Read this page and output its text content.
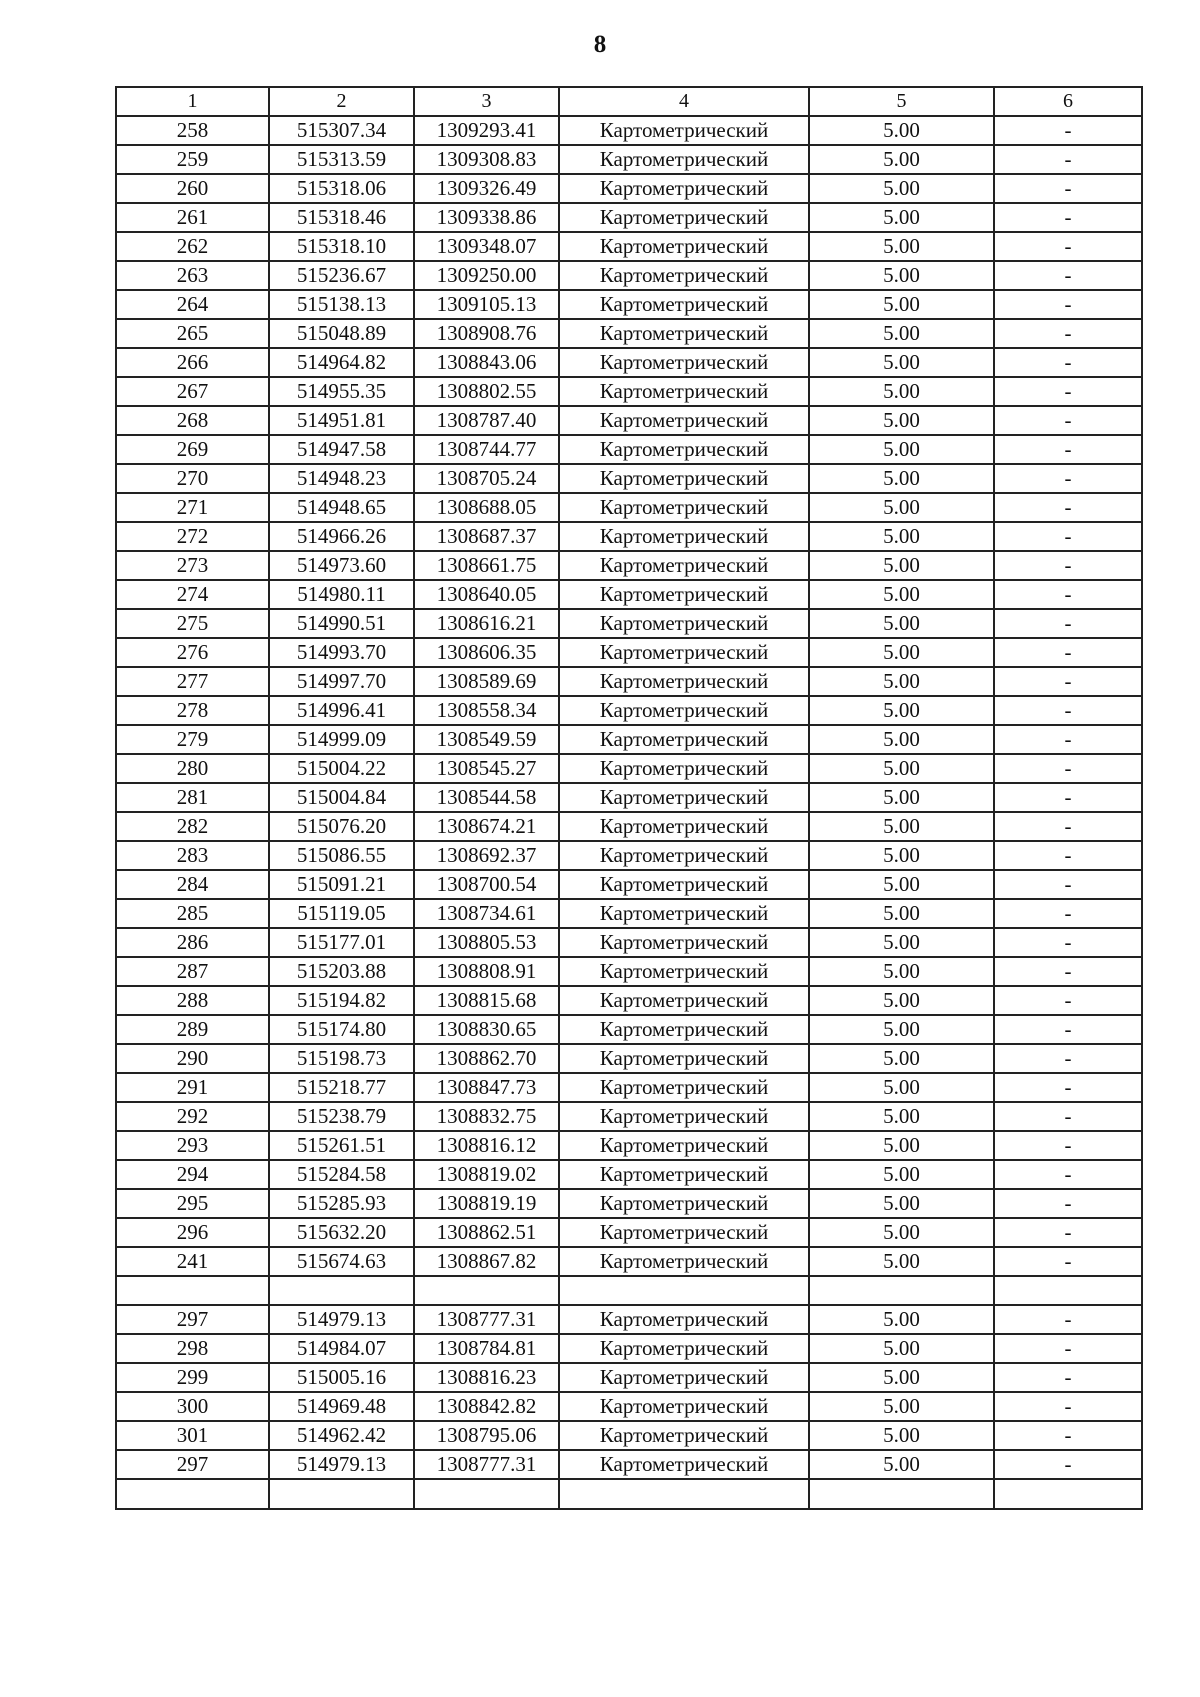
8
1	2	3	4	5	6
258	515307.34	1309293.41	Картометрический	5.00	-
259	515313.59	1309308.83	Картометрический	5.00	-
260	515318.06	1309326.49	Картометрический	5.00	-
261	515318.46	1309338.86	Картометрический	5.00	-
262	515318.10	1309348.07	Картометрический	5.00	-
263	515236.67	1309250.00	Картометрический	5.00	-
264	515138.13	1309105.13	Картометрический	5.00	-
265	515048.89	1308908.76	Картометрический	5.00	-
266	514964.82	1308843.06	Картометрический	5.00	-
267	514955.35	1308802.55	Картометрический	5.00	-
268	514951.81	1308787.40	Картометрический	5.00	-
269	514947.58	1308744.77	Картометрический	5.00	-
270	514948.23	1308705.24	Картометрический	5.00	-
271	514948.65	1308688.05	Картометрический	5.00	-
272	514966.26	1308687.37	Картометрический	5.00	-
273	514973.60	1308661.75	Картометрический	5.00	-
274	514980.11	1308640.05	Картометрический	5.00	-
275	514990.51	1308616.21	Картометрический	5.00	-
276	514993.70	1308606.35	Картометрический	5.00	-
277	514997.70	1308589.69	Картометрический	5.00	-
278	514996.41	1308558.34	Картометрический	5.00	-
279	514999.09	1308549.59	Картометрический	5.00	-
280	515004.22	1308545.27	Картометрический	5.00	-
281	515004.84	1308544.58	Картометрический	5.00	-
282	515076.20	1308674.21	Картометрический	5.00	-
283	515086.55	1308692.37	Картометрический	5.00	-
284	515091.21	1308700.54	Картометрический	5.00	-
285	515119.05	1308734.61	Картометрический	5.00	-
286	515177.01	1308805.53	Картометрический	5.00	-
287	515203.88	1308808.91	Картометрический	5.00	-
288	515194.82	1308815.68	Картометрический	5.00	-
289	515174.80	1308830.65	Картометрический	5.00	-
290	515198.73	1308862.70	Картометрический	5.00	-
291	515218.77	1308847.73	Картометрический	5.00	-
292	515238.79	1308832.75	Картометрический	5.00	-
293	515261.51	1308816.12	Картометрический	5.00	-
294	515284.58	1308819.02	Картометрический	5.00	-
295	515285.93	1308819.19	Картометрический	5.00	-
296	515632.20	1308862.51	Картометрический	5.00	-
241	515674.63	1308867.82	Картометрический	5.00	-

297	514979.13	1308777.31	Картометрический	5.00	-
298	514984.07	1308784.81	Картометрический	5.00	-
299	515005.16	1308816.23	Картометрический	5.00	-
300	514969.48	1308842.82	Картометрический	5.00	-
301	514962.42	1308795.06	Картометрический	5.00	-
297	514979.13	1308777.31	Картометрический	5.00	-
